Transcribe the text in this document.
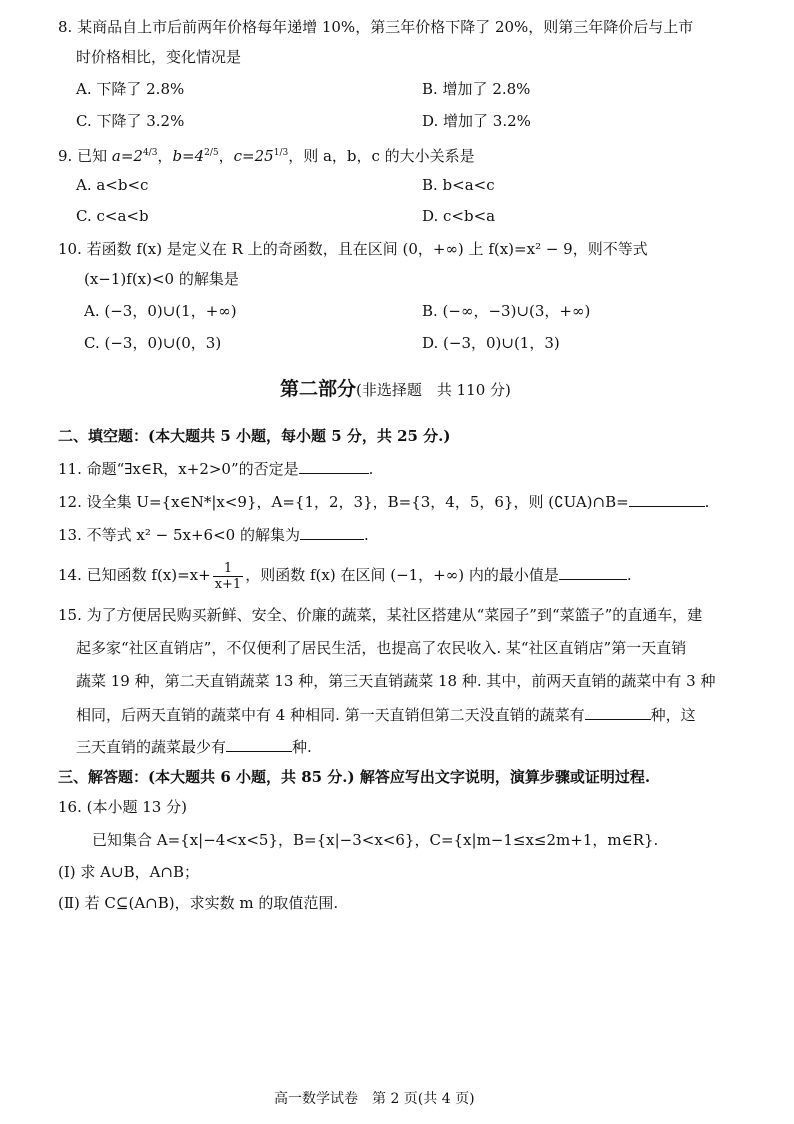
8. 某商品自上市后前两年价格每年递增 10%，第三年价格下降了 20%，则第三年降价后与上市
时价格相比，变化情况是
A. 下降了 2.8%	B. 增加了 2.8%
C. 下降了 3.2%	D. 增加了 3.2%
9. 已知 $a=2^{4/3}$，$b=4^{2/5}$，$c=25^{1/3}$，则 a，b，c 的大小关系是
A. a<b<c	B. b<a<c
C. c<a<b	D. c<b<a
10. 若函数 f(x) 是定义在 R 上的奇函数，且在区间 (0，+∞) 上 f(x)=x² − 9，则不等式
(x−1)f(x)<0 的解集是
A. (−3，0)∪(1，+∞)	B. (−∞，−3)∪(3，+∞)
C. (−3，0)∪(0，3)	D. (−3，0)∪(1，3)
第二部分(非选择题　共 110 分)
二、填空题：(本大题共 5 小题，每小题 5 分，共 25 分.)
11. 命题“∃x∈R，x+2>0”的否定是	.
12. 设全集 U={x∈N*|x<9}，A={1，2，3}，B={3，4，5，6}，则 (∁UA)∩B=	.
13. 不等式 x² − 5x+6<0 的解集为	.
14. 已知函数 $f(x)=x+ \frac{1}{x+1}$ ，则函数 f(x) 在区间 (−1，+∞) 内的最小值是	.
15. 为了方便居民购买新鲜、安全、价廉的蔬菜，某社区搭建从“菜园子”到“菜篮子”的直通车，建
起多家“社区直销店”，不仅便利了居民生活，也提高了农民收入. 某“社区直销店”第一天直销
蔬菜 19 种，第二天直销蔬菜 13 种，第三天直销蔬菜 18 种. 其中，前两天直销的蔬菜中有 3 种
相同，后两天直销的蔬菜中有 4 种相同. 第一天直销但第二天没直销的蔬菜有	种，这
三天直销的蔬菜最少有	种.
三、解答题：(本大题共 6 小题，共 85 分.) 解答应写出文字说明，演算步骤或证明过程.
16. (本小题 13 分)
已知集合 A={x|−4<x<5}，B={x|−3<x<6}，C={x|m−1≤x≤2m+1，m∈R}.
(Ⅰ) 求 A∪B，A∩B；
(Ⅱ) 若 C⊆(A∩B)，求实数 m 的取值范围.
高一数学试卷　第 2 页(共 4 页)
